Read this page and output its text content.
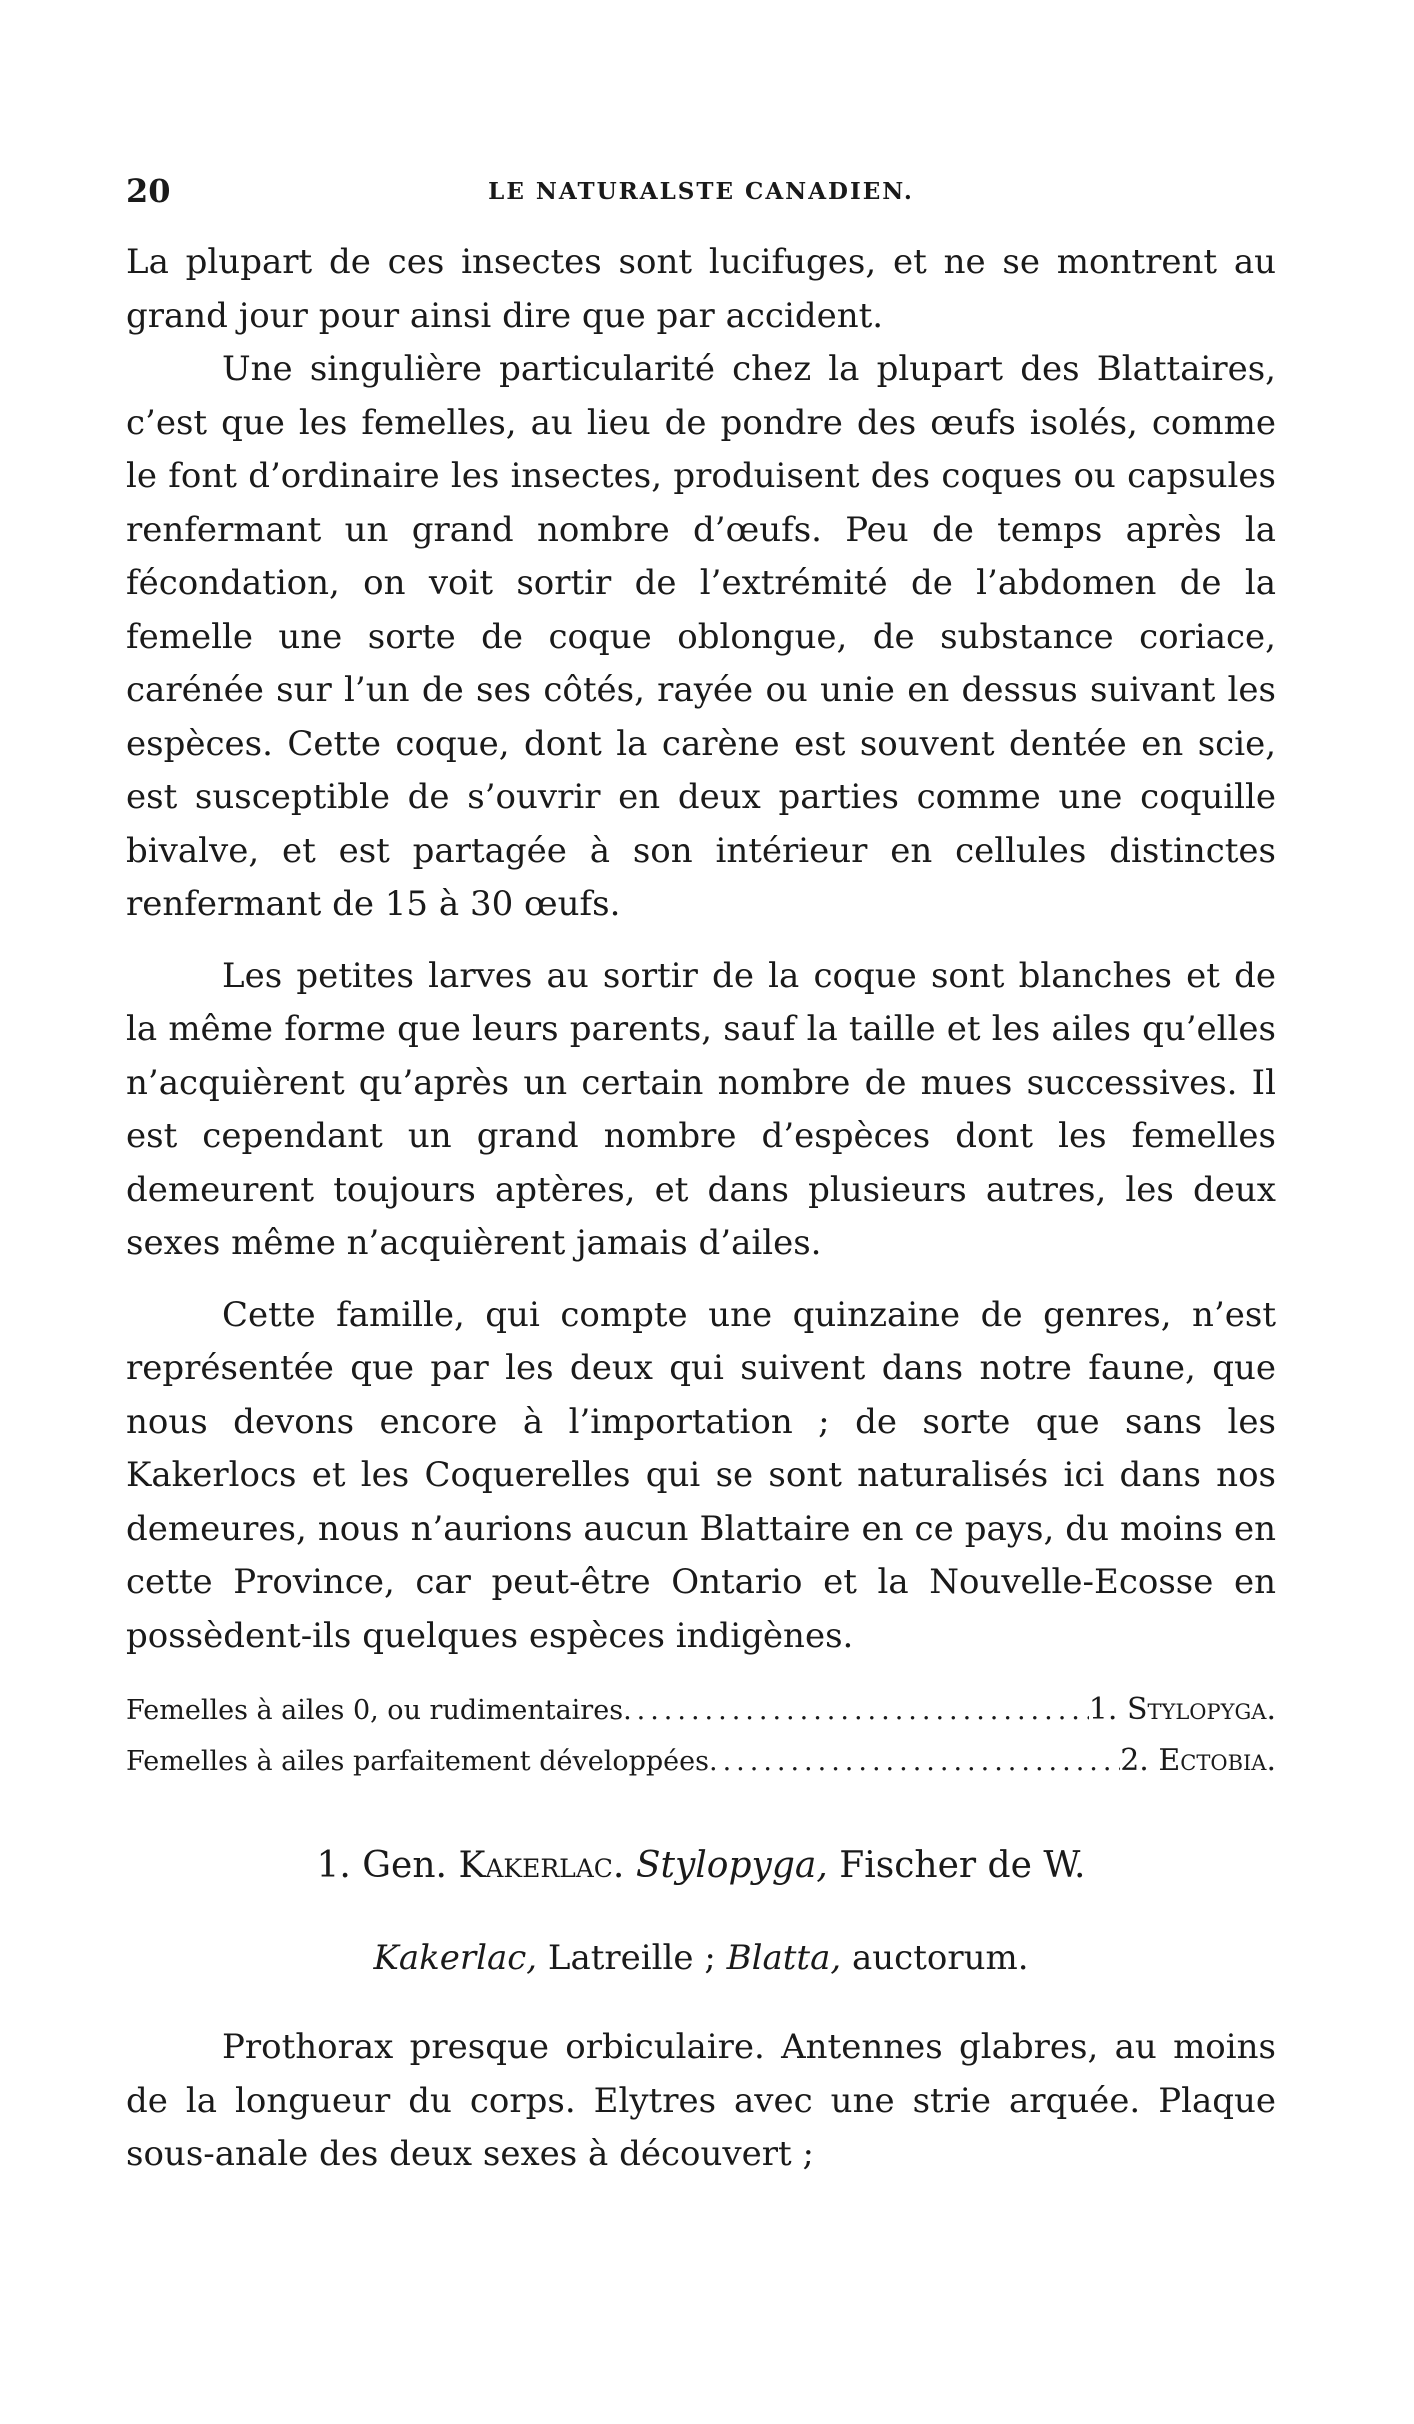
20	LE NATURALSTE CANADIEN.

La plupart de ces insectes sont lucifuges, et ne se montrent au grand jour pour ainsi dire que par accident.

Une singulière particularité chez la plupart des Blattaires, c’est que les femelles, au lieu de pondre des œufs isolés, comme le font d’ordinaire les insectes, produisent des coques ou capsules renfermant un grand nombre d’œufs. Peu de temps après la fécondation, on voit sortir de l’extrémité de l’abdomen de la femelle une sorte de coque oblongue, de substance coriace, carénée sur l’un de ses côtés, rayée ou unie en dessus suivant les espèces. Cette coque, dont la carène est souvent dentée en scie, est susceptible de s’ouvrir en deux parties comme une coquille bivalve, et est partagée à son intérieur en cellules distinctes renfermant de 15 à 30 œufs.

Les petites larves au sortir de la coque sont blanches et de la même forme que leurs parents, sauf la taille et les ailes qu’elles n’acquièrent qu’après un certain nombre de mues successives. Il est cependant un grand nombre d’espèces dont les femelles demeurent toujours aptères, et dans plusieurs autres, les deux sexes même n’acquièrent jamais d’ailes.

Cette famille, qui compte une quinzaine de genres, n’est représentée que par les deux qui suivent dans notre faune, que nous devons encore à l’importation ; de sorte que sans les Kakerlocs et les Coquerelles qui se sont naturalisés ici dans nos demeures, nous n’aurions aucun Blattaire en ce pays, du moins en cette Province, car peut-être Ontario et la Nouvelle-Ecosse en possèdent-ils quelques espèces indigènes.

Femelles à ailes 0, ou rudimentaires .....	1. Stylopyga.
Femelles à ailes parfaitement développées .....	2. Ectobia.
1. Gen. Kakerlac. Stylopyga, Fischer de W.
Kakerlac, Latreille ; Blatta, auctorum.

Prothorax presque orbiculaire. Antennes glabres, au moins de la longueur du corps. Elytres avec une strie arquée. Plaque sous-anale des deux sexes à découvert ;
